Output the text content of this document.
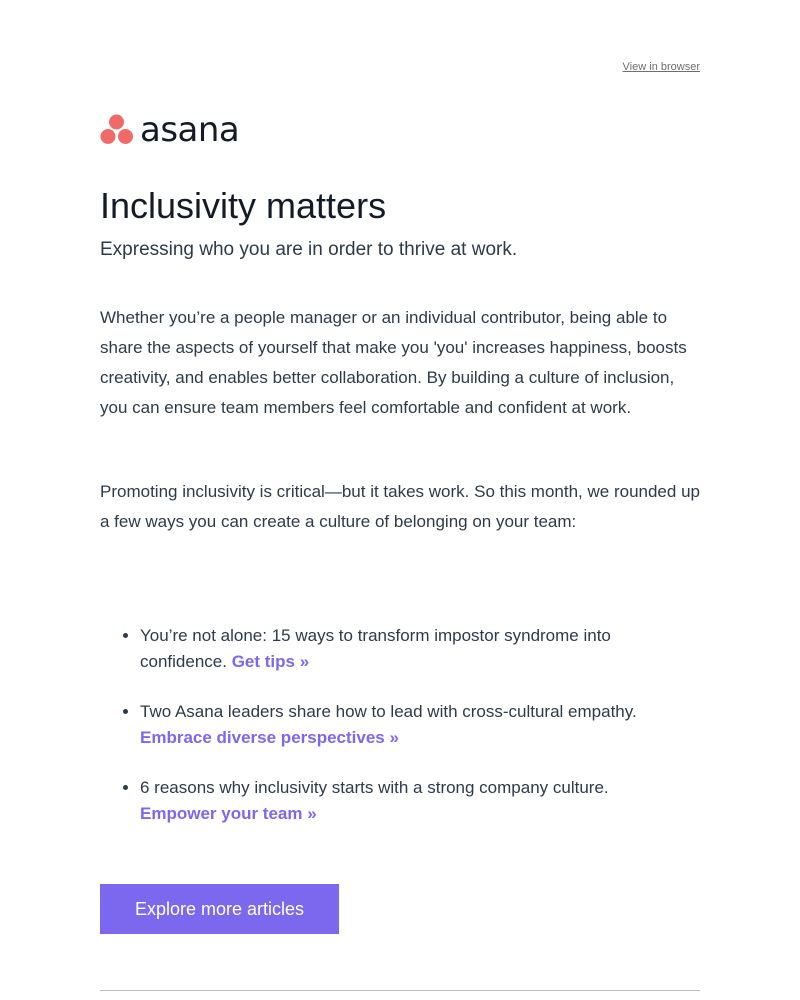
View in browser
asana
Inclusivity matters

Expressing who you are in order to thrive at work.

Whether you’re a people manager or an individual contributor, being able to share the aspects of yourself that make you 'you' increases happiness, boosts creativity, and enables better collaboration. By building a culture of inclusion, you can ensure team members feel comfortable and confident at work.

Promoting inclusivity is critical—but it takes work. So this month, we rounded up a few ways you can create a culture of belonging on your team:

• You’re not alone: 15 ways to transform impostor syndrome into confidence. Get tips »
• Two Asana leaders share how to lead with cross-cultural empathy. Embrace diverse perspectives »
• 6 reasons why inclusivity starts with a strong company culture. Empower your team »
Explore more articles
